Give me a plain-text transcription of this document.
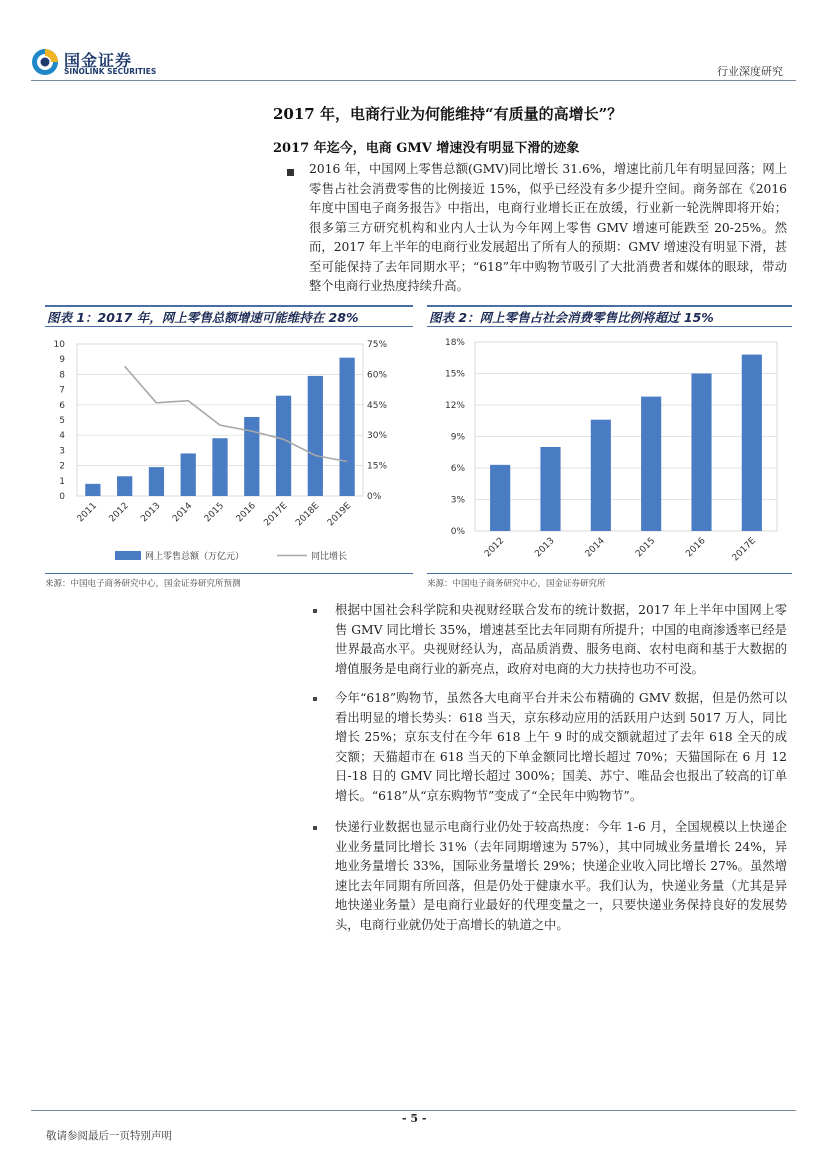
国金证券
SINOLINK SECURITIES	行业深度研究
2017 年，电商行业为何能维持“有质量的高增长”？
2017 年迄今，电商 GMV 增速没有明显下滑的迹象
2016 年，中国网上零售总额(GMV)同比增长 31.6%，增速比前几年有明显回落；网上零售占社会消费零售的比例接近 15%，似乎已经没有多少提升空间。商务部在《2016 年度中国电子商务报告》中指出，电商行业增长正在放缓，行业新一轮洗牌即将开始；很多第三方研究机构和业内人士认为今年网上零售 GMV 增速可能跌至 20-25%。然而，2017 年上半年的电商行业发展超出了所有人的预期：GMV 增速没有明显下滑，甚至可能保持了去年同期水平；“618”年中购物节吸引了大批消费者和媒体的眼球，带动整个电商行业热度持续升高。
图表 1：2017 年，网上零售总额增速可能维持在 28%
0
1
2
3
4
5
6
7
8
9
10
0%
15%
30%
45%
60%
75%
2011 2012 2013 2014 2015 2016 2017E 2018E 2019E
网上零售总额（万亿元）	同比增长
来源：中国电子商务研究中心，国金证券研究所预测
图表 2：网上零售占社会消费零售比例将超过 15%
0%
3%
6%
9%
12%
15%
18%
2012	2013	2014	2015	2016	2017E
来源：中国电子商务研究中心，国金证券研究所
根据中国社会科学院和央视财经联合发布的统计数据，2017 年上半年中国网上零售 GMV 同比增长 35%，增速甚至比去年同期有所提升；中国的电商渗透率已经是世界最高水平。央视财经认为，高品质消费、服务电商、农村电商和基于大数据的增值服务是电商行业的新亮点，政府对电商的大力扶持也功不可没。
今年“618”购物节，虽然各大电商平台并未公布精确的 GMV 数据，但是仍然可以看出明显的增长势头：618 当天，京东移动应用的活跃用户达到 5017 万人，同比增长 25%；京东支付在今年 618 上午 9 时的成交额就超过了去年 618 全天的成交额；天猫超市在 618 当天的下单金额同比增长超过 70%；天猫国际在 6 月 12 日-18 日的 GMV 同比增长超过 300%；国美、苏宁、唯品会也报出了较高的订单增长。“618”从“京东购物节”变成了“全民年中购物节”。
快递行业数据也显示电商行业仍处于较高热度：今年 1-6 月，全国规模以上快递企业业务量同比增长 31%（去年同期增速为 57%），其中同城业务量增长 24%，异地业务量增长 33%，国际业务量增长 29%；快递企业收入同比增长 27%。虽然增速比去年同期有所回落，但是仍处于健康水平。我们认为，快递业务量（尤其是异地快递业务量）是电商行业最好的代理变量之一，只要快递业务保持良好的发展势头，电商行业就仍处于高增长的轨道之中。
- 5 -
敬请参阅最后一页特别声明
